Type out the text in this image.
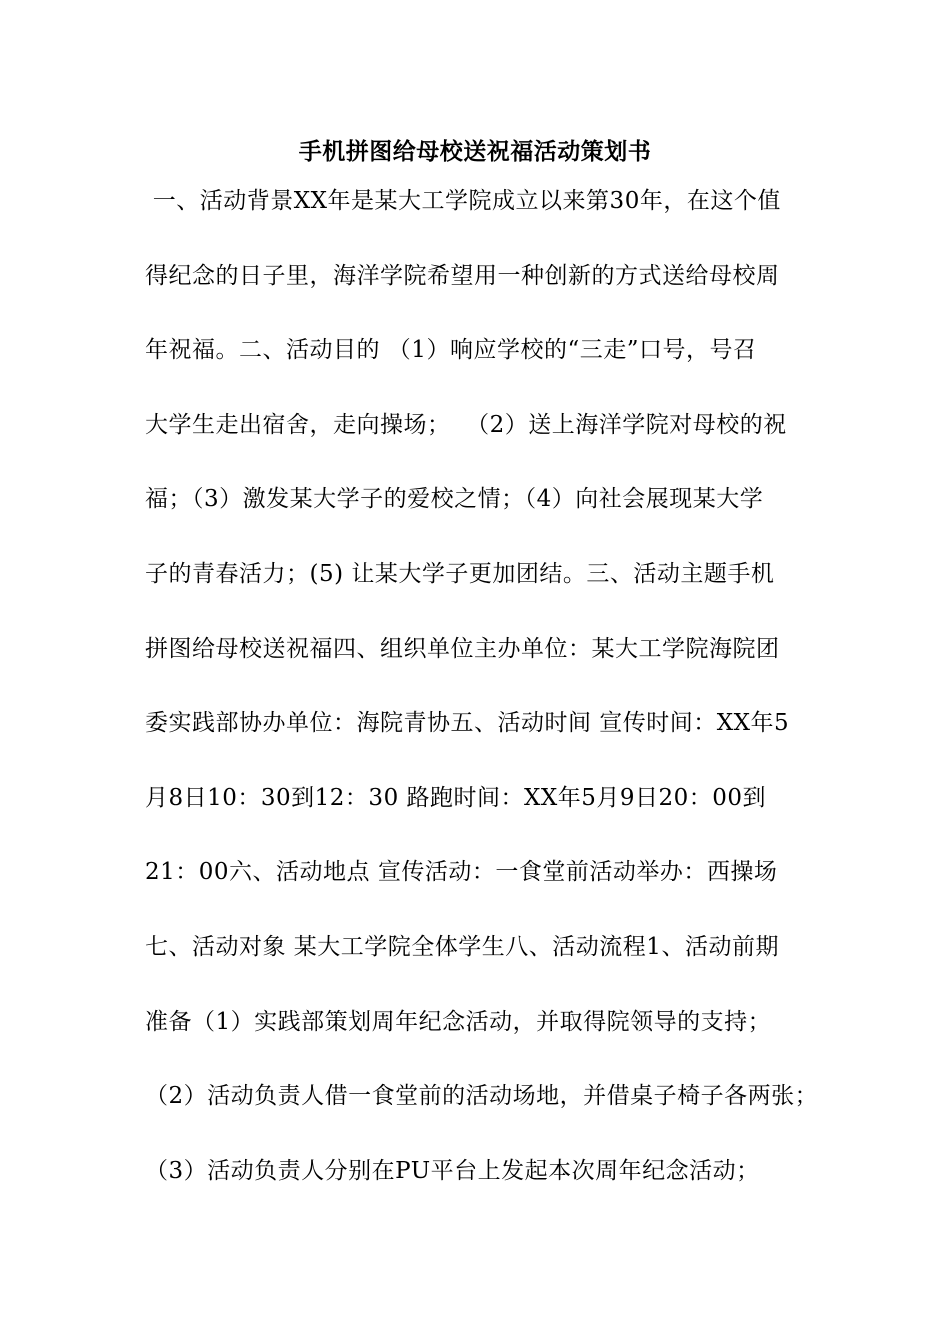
手机拼图给母校送祝福活动策划书
一、活动背景XX年是某大工学院成立以来第30年，在这个值
得纪念的日子里，海洋学院希望用一种创新的方式送给母校周
年祝福。二、活动目的 （1）响应学校的“三走”口号，号召
大学生走出宿舍，走向操场；  （2）送上海洋学院对母校的祝
福；（3）激发某大学子的爱校之情；（4）向社会展现某大学
子的青春活力；(5) 让某大学子更加团结。三、活动主题手机
拼图给母校送祝福四、组织单位主办单位：某大工学院海院团
委实践部协办单位：海院青协五、活动时间 宣传时间：XX年5
月8日10：30到12：30 路跑时间：XX年5月9日20：00到
21：00六、活动地点 宣传活动：一食堂前活动举办：西操场
七、活动对象 某大工学院全体学生八、活动流程1、活动前期
准备（1）实践部策划周年纪念活动，并取得院领导的支持；
（2）活动负责人借一食堂前的活动场地，并借桌子椅子各两张；
（3）活动负责人分别在PU平台上发起本次周年纪念活动；
